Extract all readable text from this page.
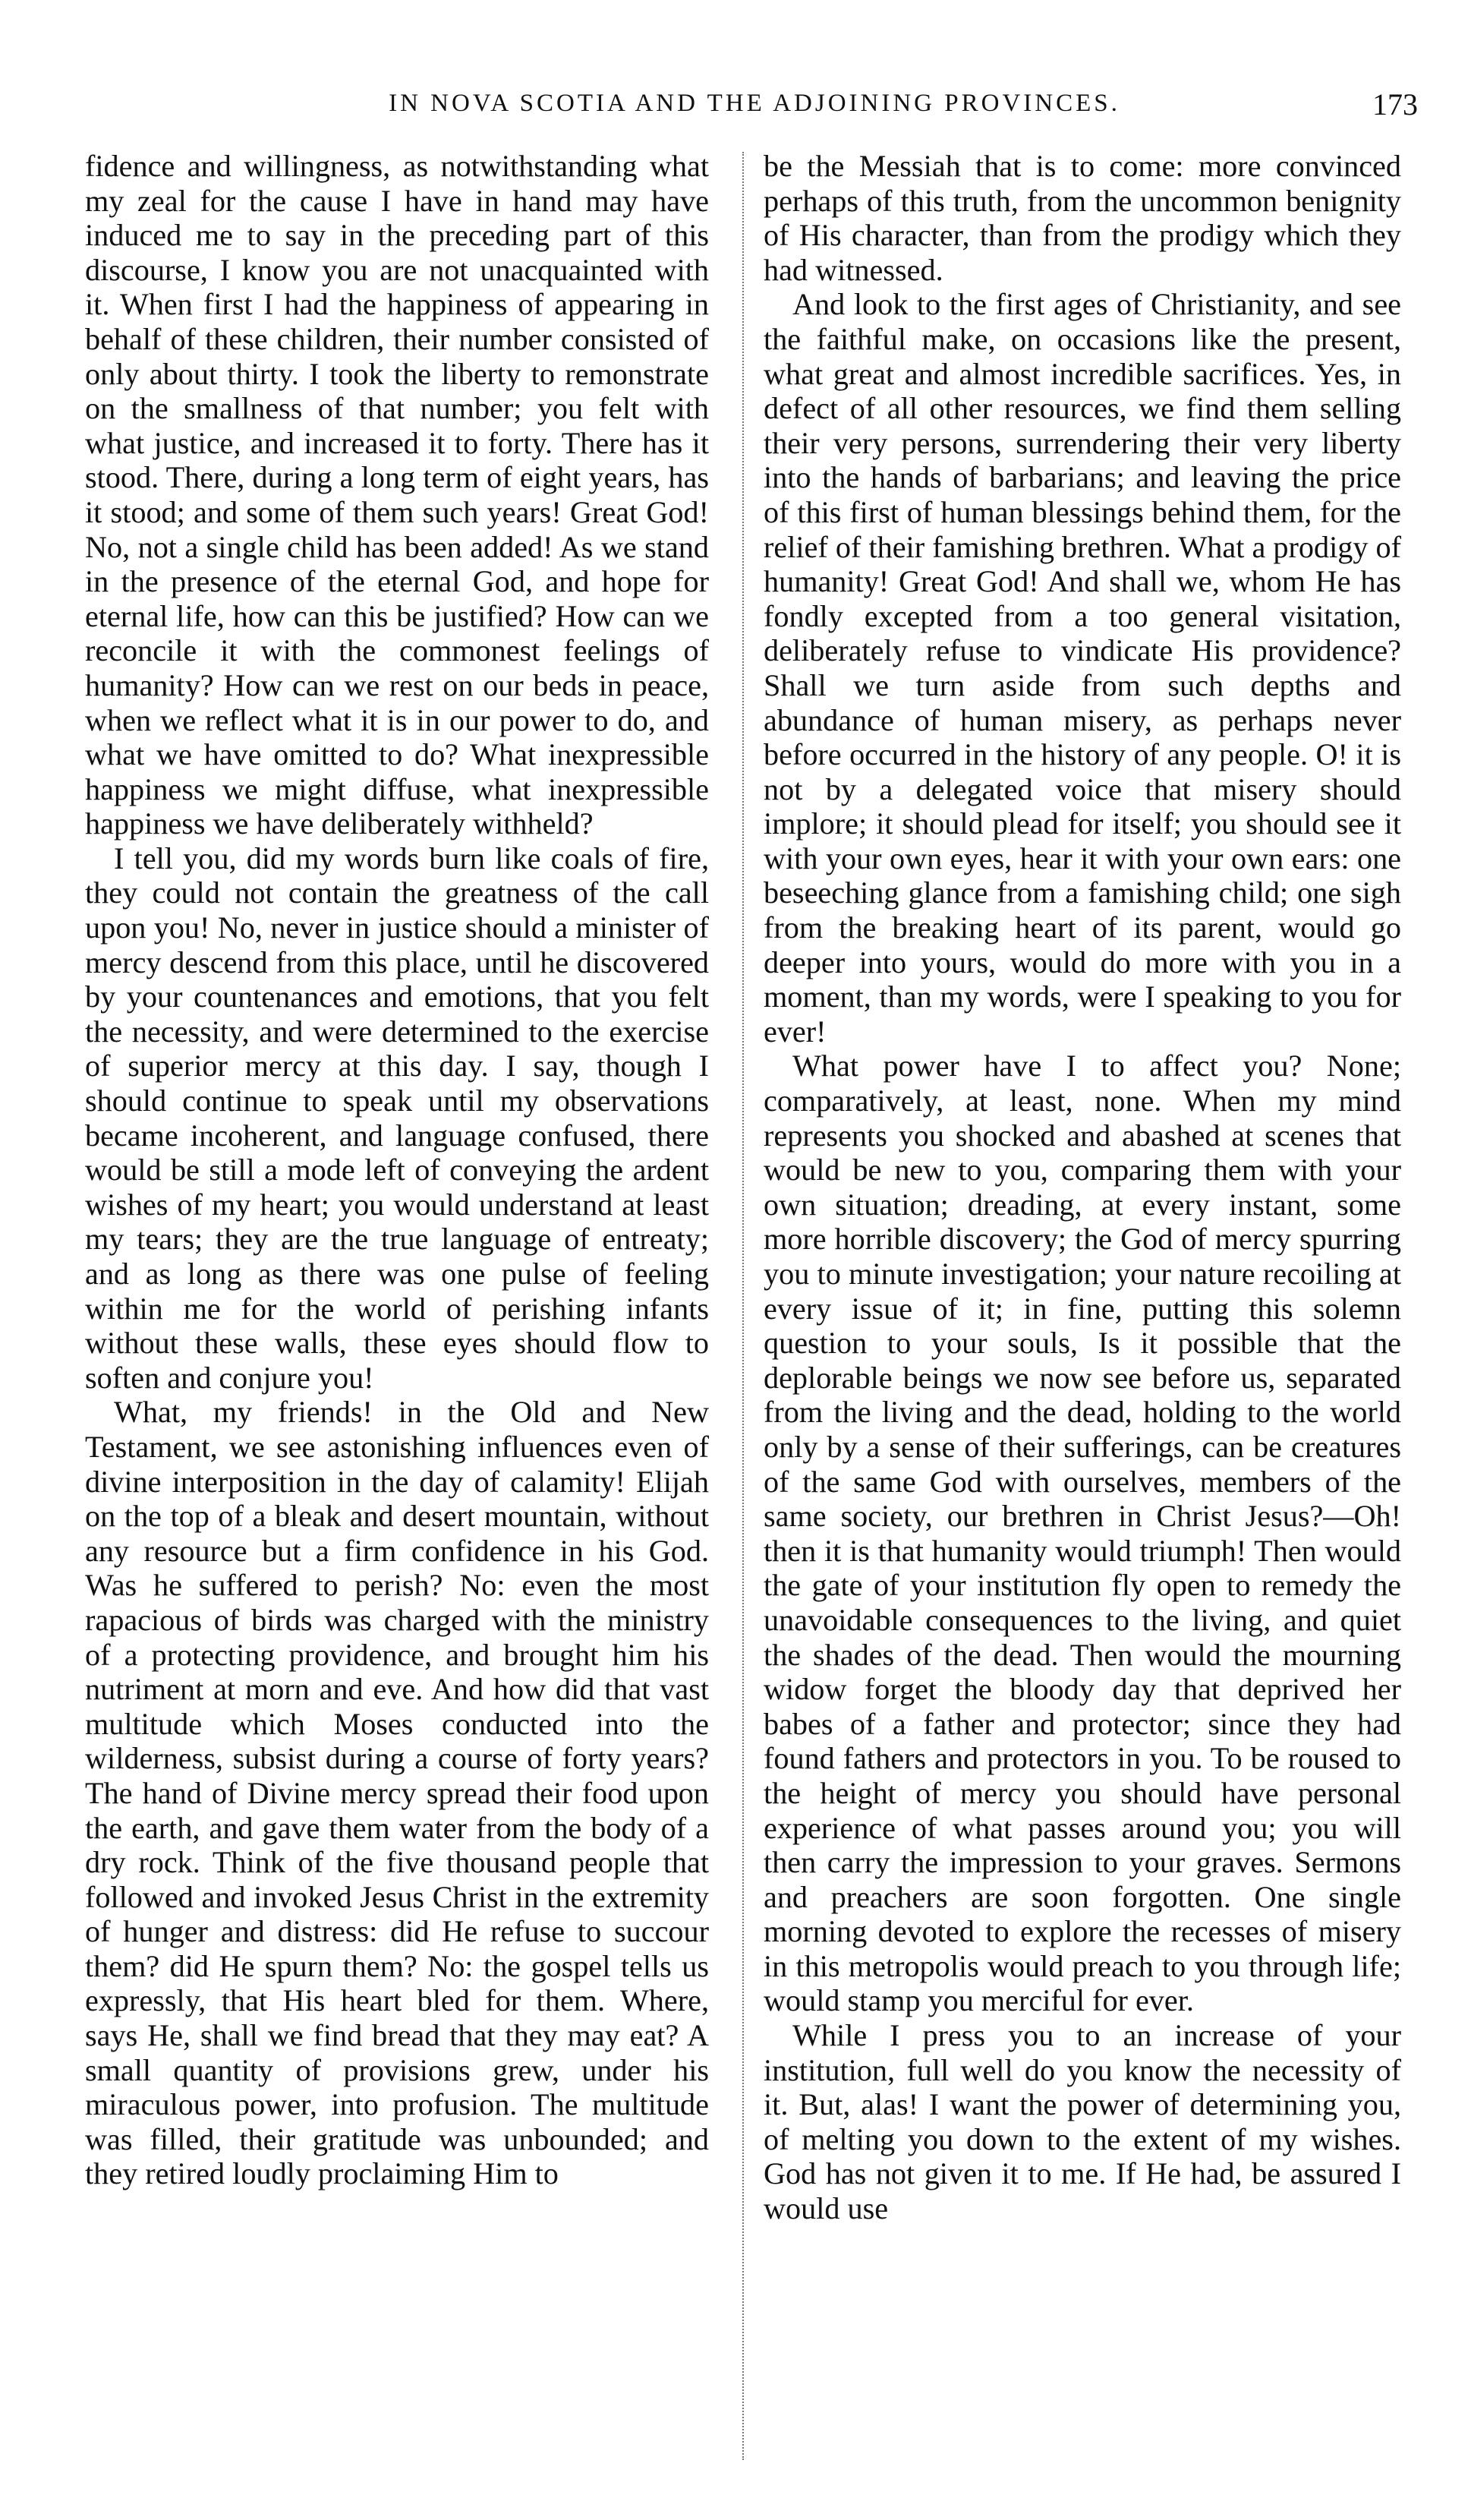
IN NOVA SCOTIA AND THE ADJOINING PROVINCES.	173

fidence and willingness, as notwithstanding what my zeal for the cause I have in hand may have induced me to say in the preceding part of this discourse, I know you are not unacquainted with it. When first I had the happiness of appearing in behalf of these children, their number consisted of only about thirty. I took the liberty to remonstrate on the smallness of that number; you felt with what justice, and increased it to forty. There has it stood. There, during a long term of eight years, has it stood; and some of them such years! Great God! No, not a single child has been added! As we stand in the presence of the eternal God, and hope for eternal life, how can this be justified? How can we reconcile it with the commonest feelings of humanity? How can we rest on our beds in peace, when we reflect what it is in our power to do, and what we have omitted to do? What inexpressible happiness we might diffuse, what inexpressible happiness we have deliberately withheld?

I tell you, did my words burn like coals of fire, they could not contain the greatness of the call upon you! No, never in justice should a minister of mercy descend from this place, until he discovered by your countenances and emotions, that you felt the necessity, and were determined to the exercise of superior mercy at this day. I say, though I should continue to speak until my observations became incoherent, and language confused, there would be still a mode left of conveying the ardent wishes of my heart; you would understand at least my tears; they are the true language of entreaty; and as long as there was one pulse of feeling within me for the world of perishing infants without these walls, these eyes should flow to soften and conjure you!

What, my friends! in the Old and New Testament, we see astonishing influences even of divine interposition in the day of calamity! Elijah on the top of a bleak and desert mountain, without any resource but a firm confidence in his God. Was he suffered to perish? No: even the most rapacious of birds was charged with the ministry of a protecting providence, and brought him his nutriment at morn and eve. And how did that vast multitude which Moses conducted into the wilderness, subsist during a course of forty years? The hand of Divine mercy spread their food upon the earth, and gave them water from the body of a dry rock. Think of the five thousand people that followed and invoked Jesus Christ in the extremity of hunger and distress: did He refuse to succour them? did He spurn them? No: the gospel tells us expressly, that His heart bled for them. Where, says He, shall we find bread that they may eat? A small quantity of provisions grew, under his miraculous power, into profusion. The multitude was filled, their gratitude was unbounded; and they retired loudly proclaiming Him to

be the Messiah that is to come: more convinced perhaps of this truth, from the uncommon benignity of His character, than from the prodigy which they had witnessed.

And look to the first ages of Christianity, and see the faithful make, on occasions like the present, what great and almost incredible sacrifices. Yes, in defect of all other resources, we find them selling their very persons, surrendering their very liberty into the hands of barbarians; and leaving the price of this first of human blessings behind them, for the relief of their famishing brethren. What a prodigy of humanity! Great God! And shall we, whom He has fondly excepted from a too general visitation, deliberately refuse to vindicate His providence? Shall we turn aside from such depths and abundance of human misery, as perhaps never before occurred in the history of any people. O! it is not by a delegated voice that misery should implore; it should plead for itself; you should see it with your own eyes, hear it with your own ears: one beseeching glance from a famishing child; one sigh from the breaking heart of its parent, would go deeper into yours, would do more with you in a moment, than my words, were I speaking to you for ever!

What power have I to affect you? None; comparatively, at least, none. When my mind represents you shocked and abashed at scenes that would be new to you, comparing them with your own situation; dreading, at every instant, some more horrible discovery; the God of mercy spurring you to minute investigation; your nature recoiling at every issue of it; in fine, putting this solemn question to your souls, Is it possible that the deplorable beings we now see before us, separated from the living and the dead, holding to the world only by a sense of their sufferings, can be creatures of the same God with ourselves, members of the same society, our brethren in Christ Jesus?—Oh! then it is that humanity would triumph! Then would the gate of your institution fly open to remedy the unavoidable consequences to the living, and quiet the shades of the dead. Then would the mourning widow forget the bloody day that deprived her babes of a father and protector; since they had found fathers and protectors in you. To be roused to the height of mercy you should have personal experience of what passes around you; you will then carry the impression to your graves. Sermons and preachers are soon forgotten. One single morning devoted to explore the recesses of misery in this metropolis would preach to you through life; would stamp you merciful for ever.

While I press you to an increase of your institution, full well do you know the necessity of it. But, alas! I want the power of determining you, of melting you down to the extent of my wishes. God has not given it to me. If He had, be assured I would use
